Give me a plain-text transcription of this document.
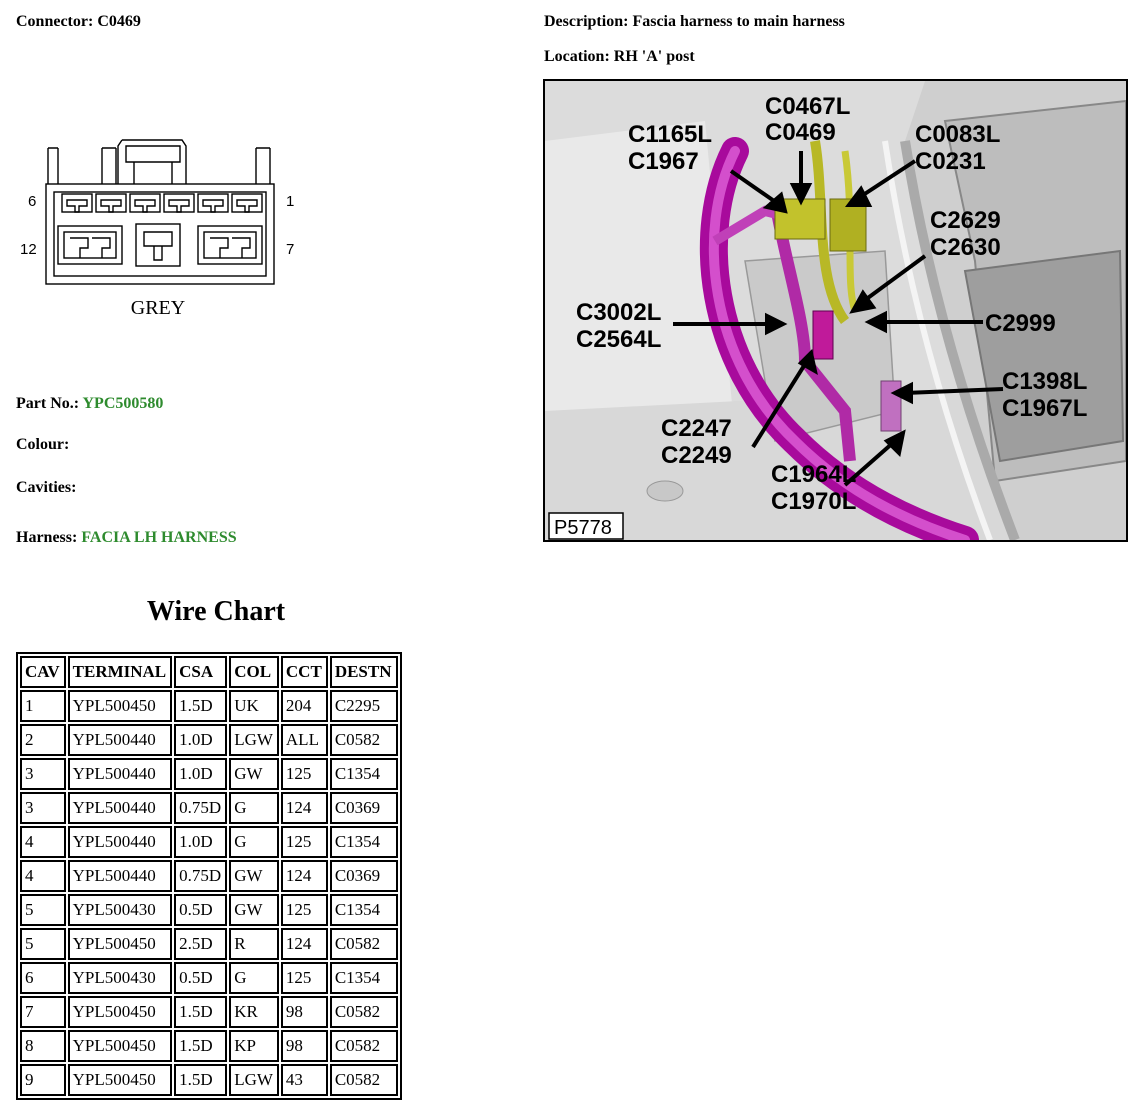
Connector: C0469	Description: Fascia harness to main harness
Location: RH 'A' post
6	1
12	7
GREY
C0467L
C0469
C1165L
C1967
C0083L
C0231
C2629
C2630
C3002L
C2564L
C2999
C1398L
C1967L
C2247
C2249
C1964L
C1970L
P5778
Part No.: YPC500580
Colour:
Cavities:
Harness: FACIA LH HARNESS
Wire Chart
CAV	TERMINAL	CSA	COL	CCT	DESTN
1	YPL500450	1.5D	UK	204	C2295
2	YPL500440	1.0D	LGW	ALL	C0582
3	YPL500440	1.0D	GW	125	C1354
3	YPL500440	0.75D	G	124	C0369
4	YPL500440	1.0D	G	125	C1354
4	YPL500440	0.75D	GW	124	C0369
5	YPL500430	0.5D	GW	125	C1354
5	YPL500450	2.5D	R	124	C0582
6	YPL500430	0.5D	G	125	C1354
7	YPL500450	1.5D	KR	98	C0582
8	YPL500450	1.5D	KP	98	C0582
9	YPL500450	1.5D	LGW	43	C0582
